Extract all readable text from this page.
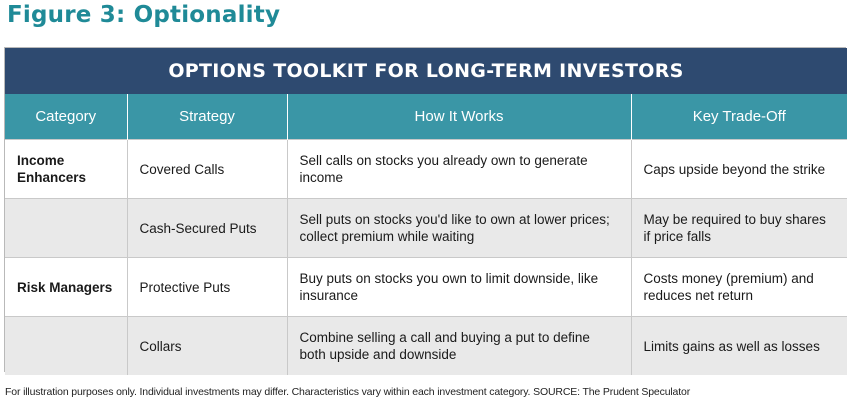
Figure 3: Optionality
OPTIONS TOOLKIT FOR LONG-TERM INVESTORS			
Category	Strategy	How It Works	Key Trade-Off
Income Enhancers	Covered Calls	Sell calls on stocks you already own to generate income	Caps upside beyond the strike
	Cash-Secured Puts	Sell puts on stocks you'd like to own at lower prices; collect premium while waiting	May be required to buy shares if price falls
Risk Managers	Protective Puts	Buy puts on stocks you own to limit downside, like insurance	Costs money (premium) and reduces net return
	Collars	Combine selling a call and buying a put to define both upside and downside	Limits gains as well as losses
For illustration purposes only. Individual investments may differ. Characteristics vary within each investment category. SOURCE: The Prudent Speculator
